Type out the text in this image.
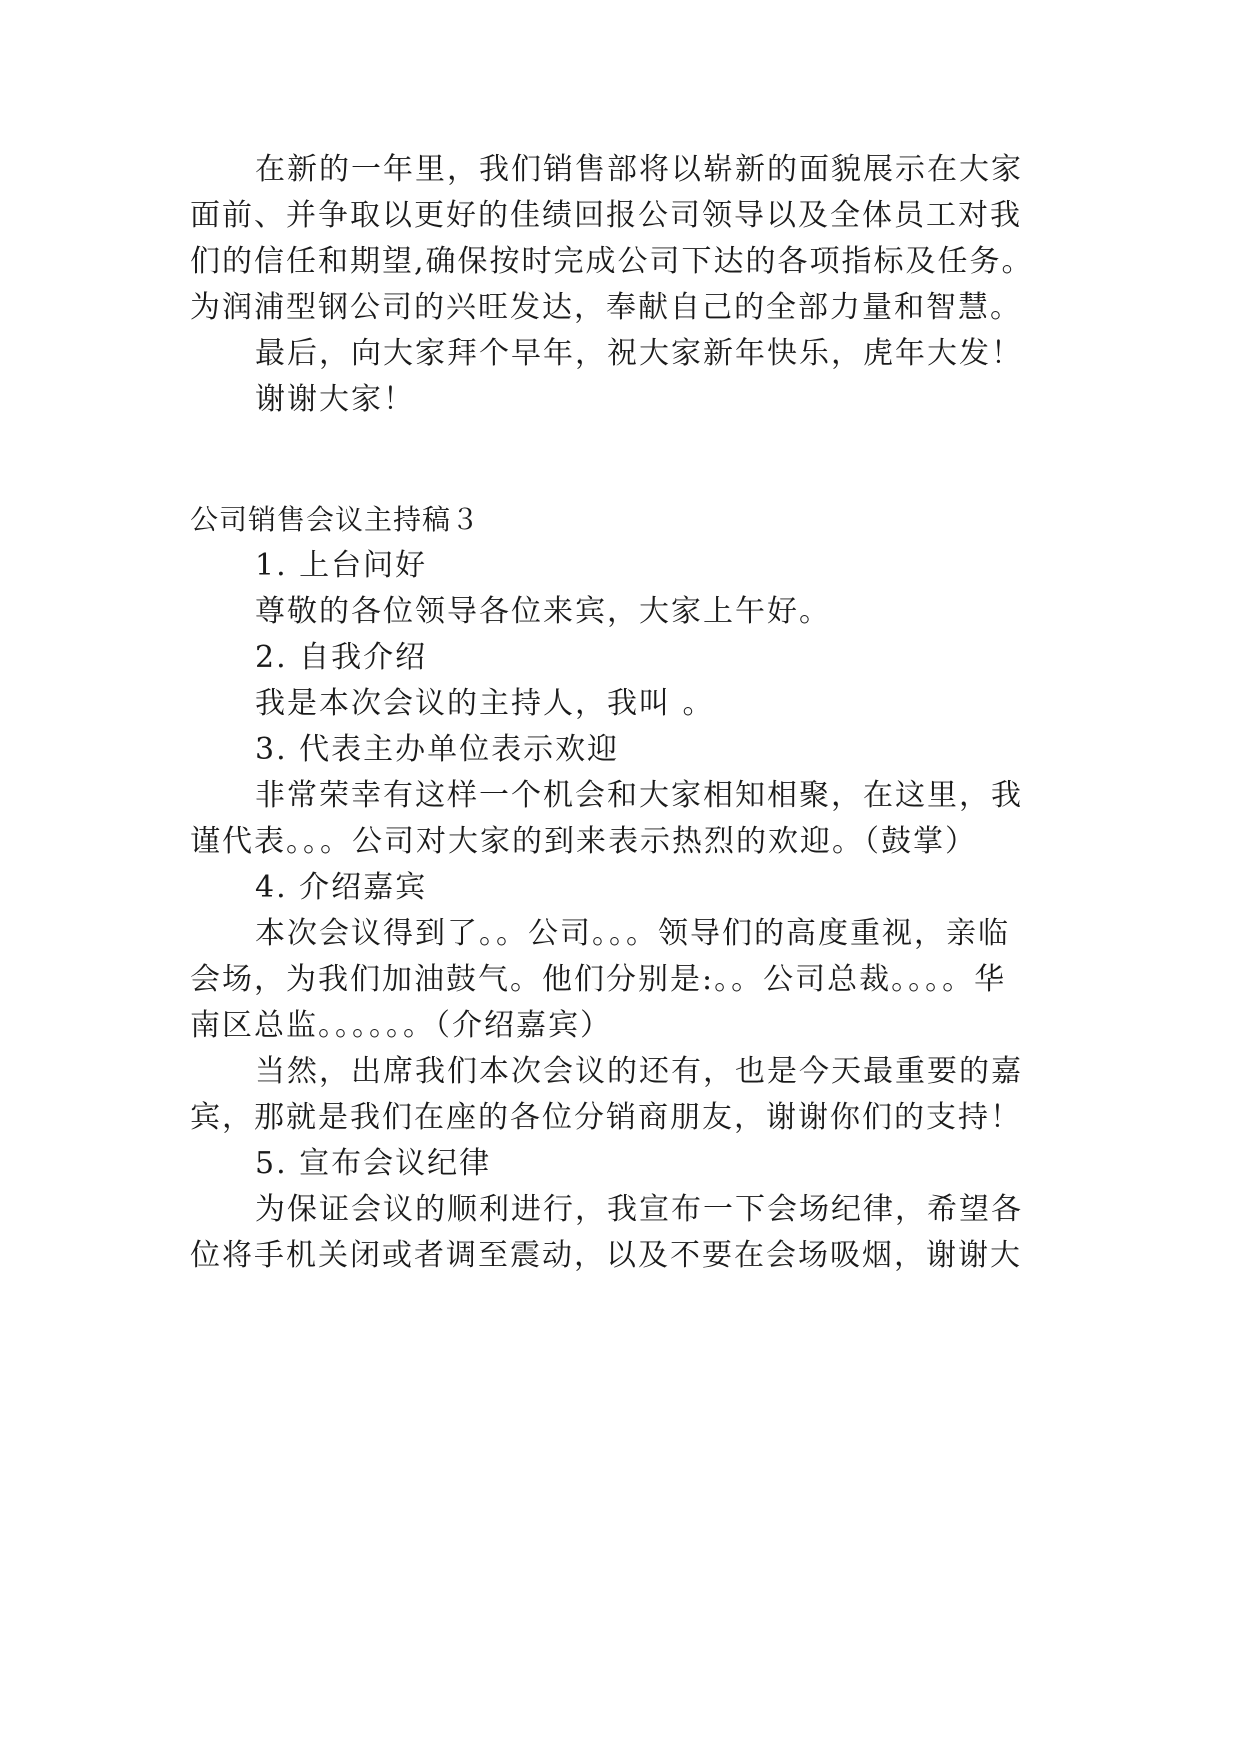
在新的一年里，我们销售部将以崭新的面貌展示在大家
面前、并争取以更好的佳绩回报公司领导以及全体员工对我
们的信任和期望,确保按时完成公司下达的各项指标及任务。
为润浦型钢公司的兴旺发达，奉献自己的全部力量和智慧。
最后，向大家拜个早年，祝大家新年快乐，虎年大发！
谢谢大家！
公司销售会议主持稿３
1. 上台问好
尊敬的各位领导各位来宾，大家上午好。
2. 自我介绍
我是本次会议的主持人，我叫 。
3. 代表主办单位表示欢迎
非常荣幸有这样一个机会和大家相知相聚，在这里，我
谨代表。。。公司对大家的到来表示热烈的欢迎。（鼓掌）
4. 介绍嘉宾
本次会议得到了。。公司。。。领导们的高度重视，亲临
会场，为我们加油鼓气。他们分别是:。。公司总裁。。。。华
南区总监。。。。。。（介绍嘉宾）
当然，出席我们本次会议的还有，也是今天最重要的嘉
宾，那就是我们在座的各位分销商朋友，谢谢你们的支持！
5. 宣布会议纪律
为保证会议的顺利进行，我宣布一下会场纪律，希望各
位将手机关闭或者调至震动，以及不要在会场吸烟，谢谢大
